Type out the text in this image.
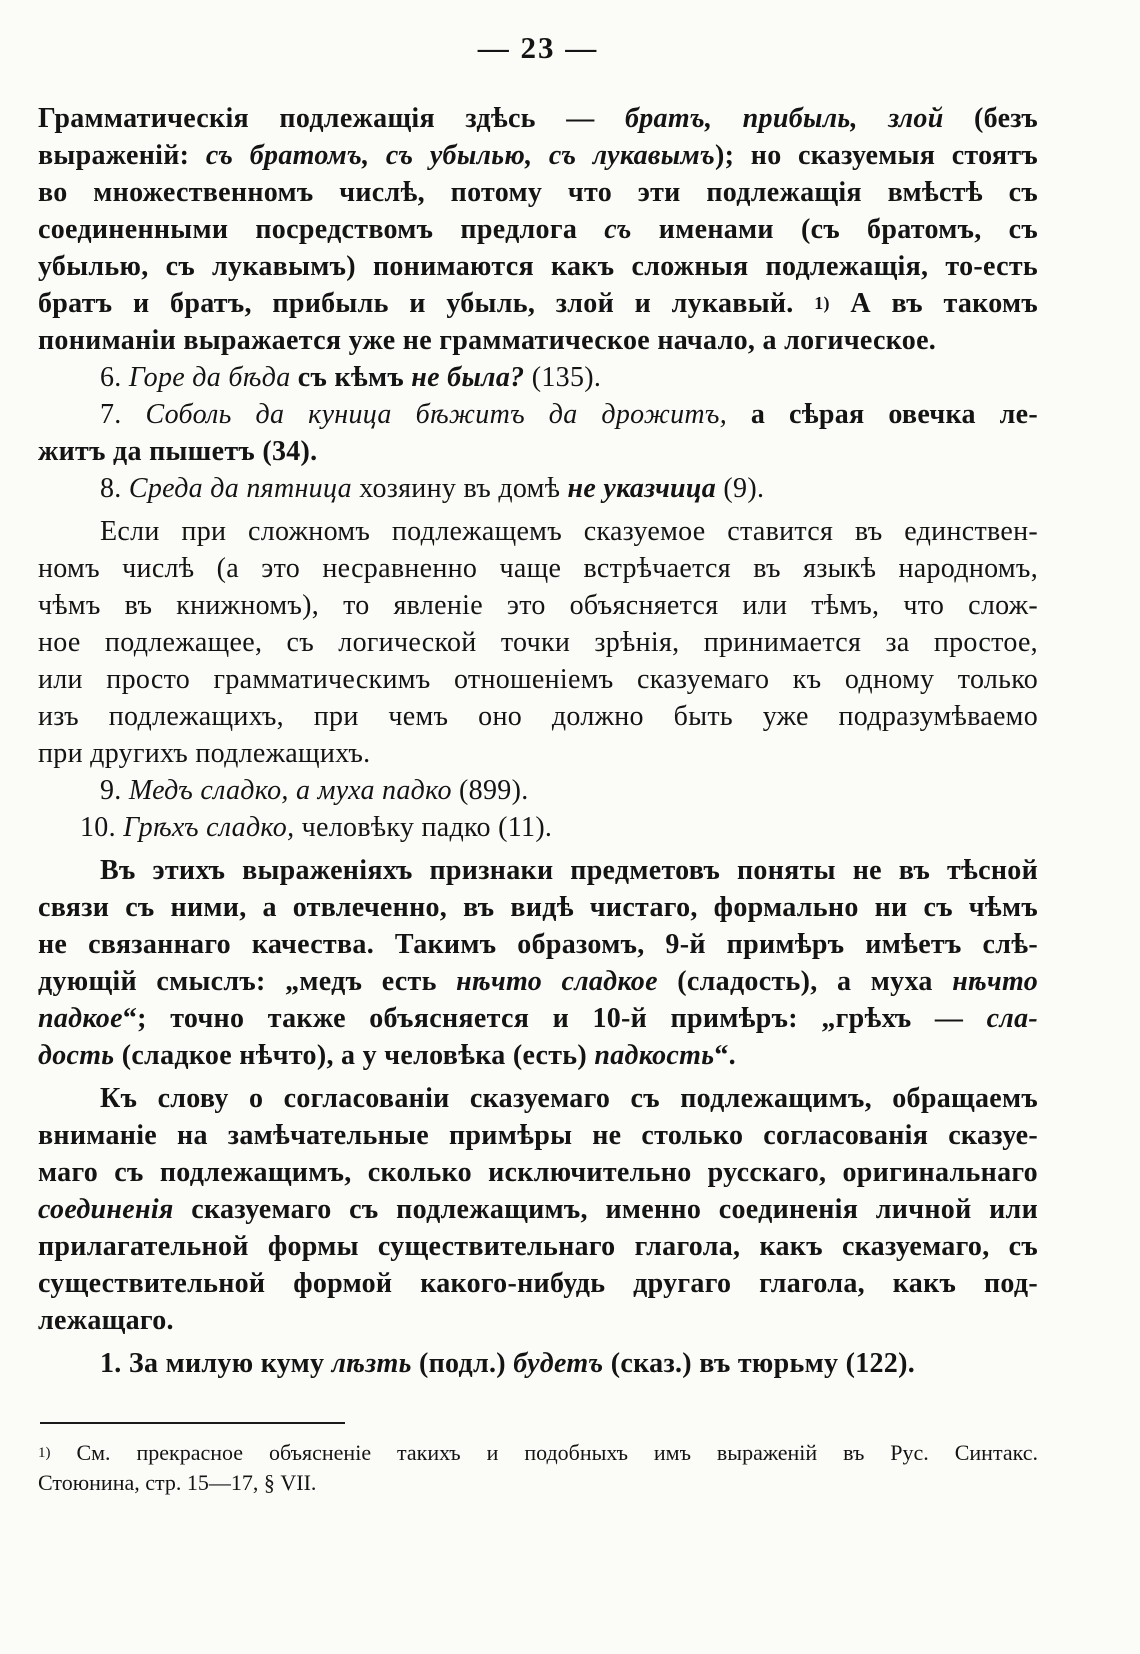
— 23 —
Грамматическія подлежащія здѣсь — братъ, прибыль, злой (безъ
выраженій: съ братомъ, съ убылью, съ лукавымъ); но сказуемыя стоятъ
во множественномъ числѣ, потому что эти подлежащія вмѣстѣ съ
соединенными посредствомъ предлога съ именами (съ братомъ, съ
убылью, съ лукавымъ) понимаются какъ сложныя подлежащія, то-есть
братъ и братъ, прибыль и убыль, злой и лукавый. $^{1)}$ А въ такомъ
пониманіи выражается уже не грамматическое начало, а логическое.
6. Горе да бѣда съ кѣмъ не была? (135).
7. Соболь да куница бѣжитъ да дрожитъ, а сѣрая овечка ле-
житъ да пышетъ (34).
8. Среда да пятница хозяину въ домѣ не указчица (9).
Если при сложномъ подлежащемъ сказуемое ставится въ единствен-
номъ числѣ (а это несравненно чаще встрѣчается въ языкѣ народномъ,
чѣмъ въ книжномъ), то явленіе это объясняется или тѣмъ, что слож-
ное подлежащее, съ логической точки зрѣнія, принимается за простое,
или просто грамматическимъ отношеніемъ сказуемаго къ одному только
изъ подлежащихъ, при чемъ оно должно быть уже подразумѣваемо
при другихъ подлежащихъ.
9. Медъ сладко, а муха падко (899).
10. Грѣхъ сладко, человѣку падко (11).
Въ этихъ выраженіяхъ признаки предметовъ поняты не въ тѣсной
связи съ ними, а отвлеченно, въ видѣ чистаго, формально ни съ чѣмъ
не связаннаго качества. Такимъ образомъ, 9-й примѣръ имѣетъ слѣ-
дующій смыслъ: „медъ есть нѣчто сладкое (сладость), а муха нѣчто
падкое“; точно также объясняется и 10-й примѣръ: „грѣхъ — сла-
дость (сладкое нѣчто), а у человѣка (есть) падкость“.
Къ слову о согласованіи сказуемаго съ подлежащимъ, обращаемъ
вниманіе на замѣчательные примѣры не столько согласованія сказуе-
маго съ подлежащимъ, сколько исключительно русскаго, оригинальнаго
соединенія сказуемаго съ подлежащимъ, именно соединенія личной или
прилагательной формы существительнаго глагола, какъ сказуемаго, съ
существительной формой какого-нибудь другаго глагола, какъ под-
лежащаго.
1. За милую куму лѣзть (подл.) будетъ (сказ.) въ тюрьму (122).
$^{1)}$ См. прекрасное объясненіе такихъ и подобныхъ имъ выраженій въ Рус. Синтакс.
Стоюнина, стр. 15—17, § VII.
